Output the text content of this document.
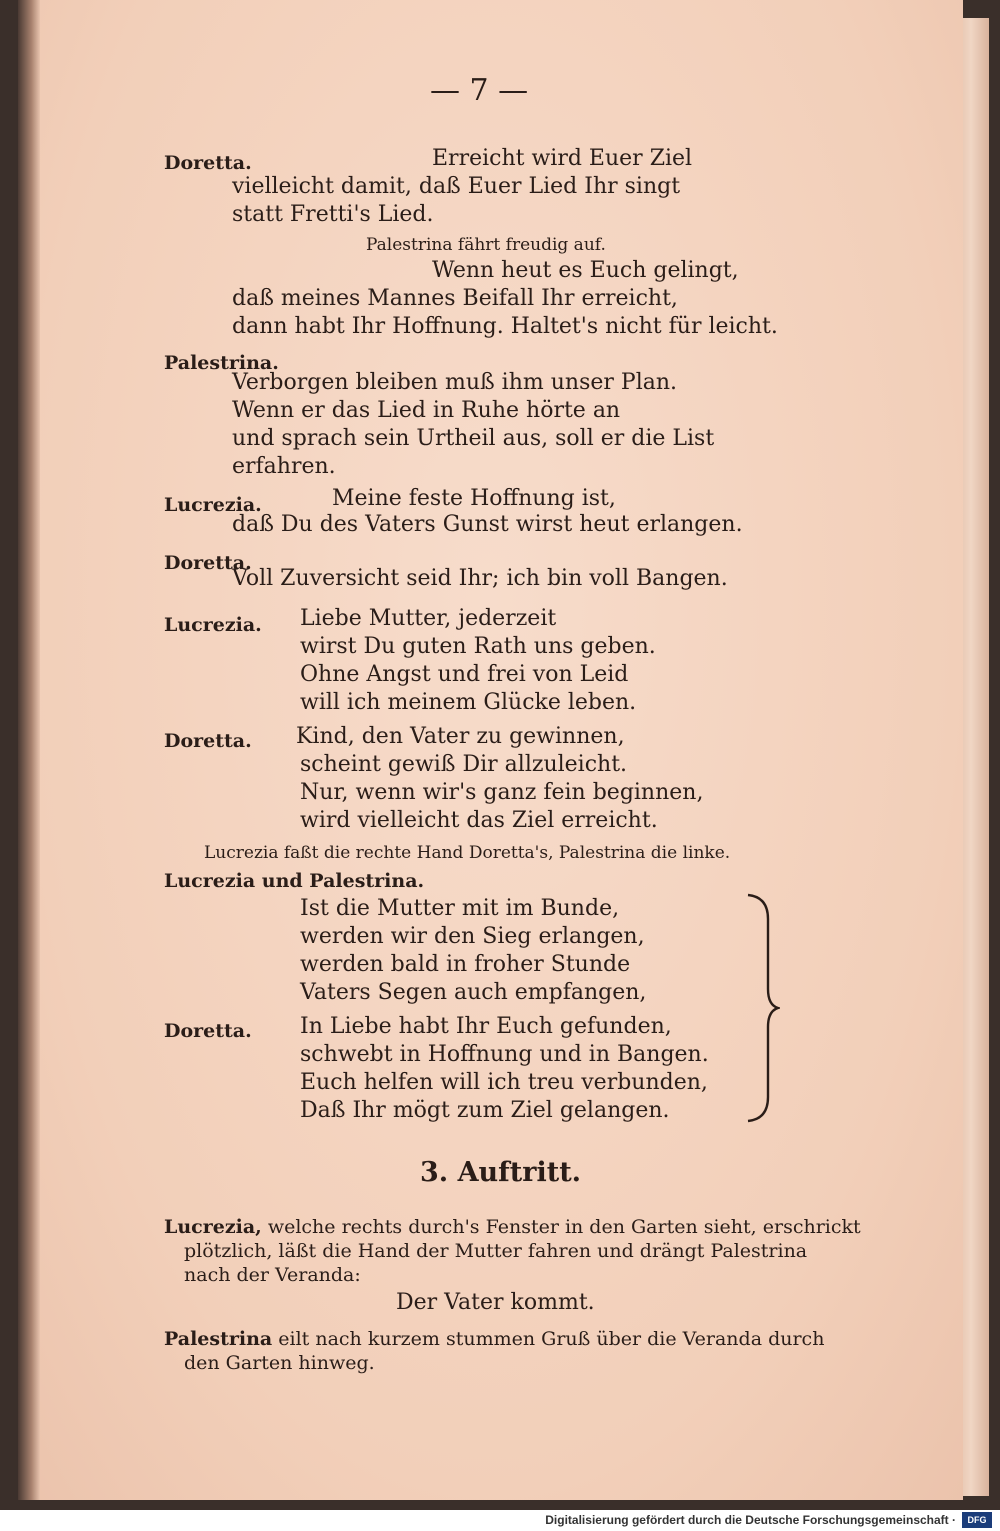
— 7 —
Doretta.	Erreicht wird Euer Ziel
vielleicht damit, daß Euer Lied Ihr singt
statt Fretti's Lied.
Palestrina fährt freudig auf.
Wenn heut es Euch gelingt,
daß meines Mannes Beifall Ihr erreicht,
dann habt Ihr Hoffnung. Haltet's nicht für leicht.
Palestrina.
Verborgen bleiben muß ihm unser Plan.
Wenn er das Lied in Ruhe hörte an
und sprach sein Urtheil aus, soll er die List
erfahren.
Lucrezia.	Meine feste Hoffnung ist,
daß Du des Vaters Gunst wirst heut erlangen.
Doretta.
Voll Zuversicht seid Ihr; ich bin voll Bangen.
Lucrezia. Liebe Mutter, jederzeit
wirst Du guten Rath uns geben.
Ohne Angst und frei von Leid
will ich meinem Glücke leben.
Doretta. Kind, den Vater zu gewinnen,
scheint gewiß Dir allzuleicht.
Nur, wenn wir's ganz fein beginnen,
wird vielleicht das Ziel erreicht.
Lucrezia faßt die rechte Hand Doretta's, Palestrina die linke.
Lucrezia und Palestrina.
Ist die Mutter mit im Bunde,
werden wir den Sieg erlangen,
werden bald in froher Stunde
Vaters Segen auch empfangen,
Doretta. In Liebe habt Ihr Euch gefunden,
schwebt in Hoffnung und in Bangen.
Euch helfen will ich treu verbunden,
Daß Ihr mögt zum Ziel gelangen.
3. Auftritt.
Lucrezia, welche rechts durch's Fenster in den Garten sieht, erschrickt
plötzlich, läßt die Hand der Mutter fahren und drängt Palestrina
nach der Veranda:
Der Vater kommt.
Palestrina eilt nach kurzem stummen Gruß über die Veranda durch
den Garten hinweg.
Digitalisierung gefördert durch die Deutsche Forschungsgemeinschaft ·	DFG
